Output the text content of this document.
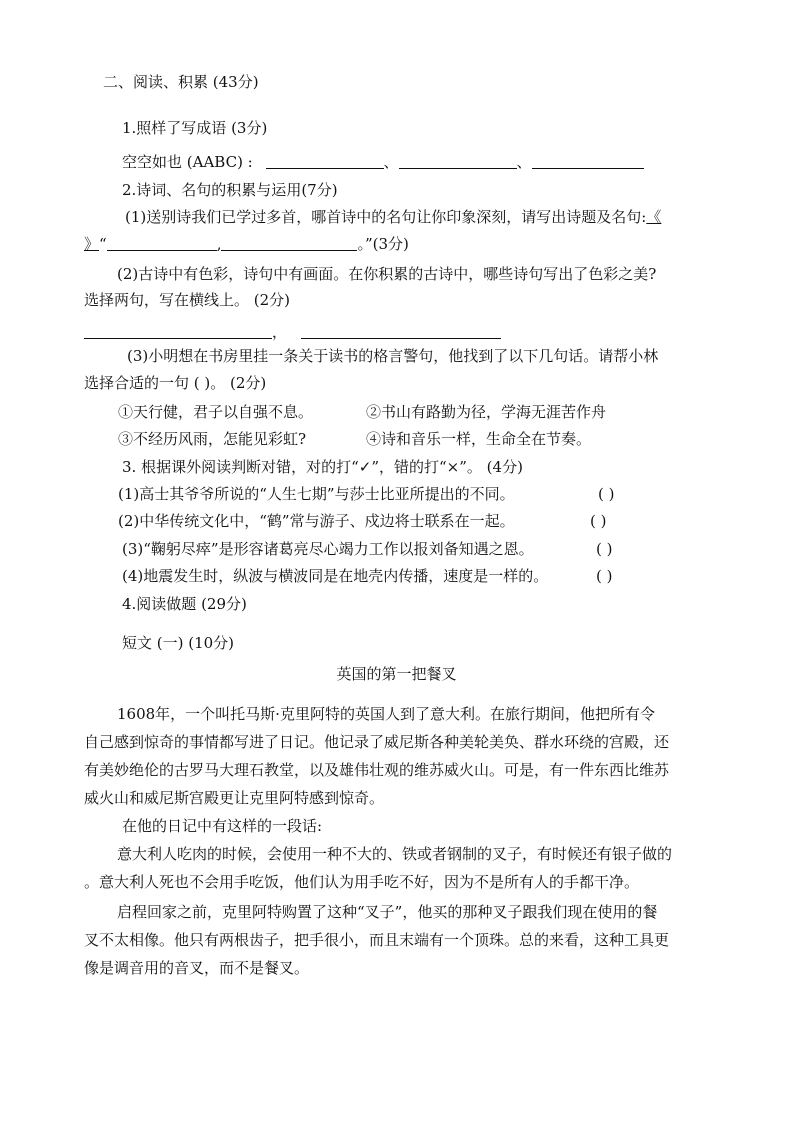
二、阅读、积累 (43分)
1.照样了写成语 (3分)
空空如也 (AABC) :	、	、
2.诗词、名句的积累与运用(7分)
(1)送别诗我们已学过多首，哪首诗中的名句让你印象深刻，请写出诗题及名句:《
》“	,	。”(3分)
(2)古诗中有色彩，诗句中有画面。在你积累的古诗中，哪些诗句写出了色彩之美?
选择两句，写在横线上。 (2分)
，
(3)小明想在书房里挂一条关于读书的格言警句，他找到了以下几句话。请帮小林
选择合适的一句 ( )。 (2分)
①天行健，君子以自强不息。	②书山有路勤为径，学海无涯苦作舟
③不经历风雨，怎能见彩虹?	④诗和音乐一样，生命全在节奏。
3. 根据课外阅读判断对错，对的打“✓”，错的打“×”。 (4分)
(1)高士其爷爷所说的“人生七期”与莎士比亚所提出的不同。	( )
(2)中华传统文化中，“鹤”常与游子、戍边将士联系在一起。	( )
(3)“鞠躬尽瘁”是形容诸葛亮尽心竭力工作以报刘备知遇之恩。	( )
(4)地震发生时，纵波与横波同是在地壳内传播，速度是一样的。	( )
4.阅读做题 (29分)
短文 (一) (10分)
英国的第一把餐叉
1608年，一个叫托马斯·克里阿特的英国人到了意大利。在旅行期间，他把所有令
自己感到惊奇的事情都写进了日记。他记录了威尼斯各种美轮美奂、群水环绕的宫殿，还
有美妙绝伦的古罗马大理石教堂，以及雄伟壮观的维苏威火山。可是，有一件东西比维苏
威火山和威尼斯宫殿更让克里阿特感到惊奇。
在他的日记中有这样的一段话:
意大利人吃肉的时候，会使用一种不大的、铁或者钢制的叉子，有时候还有银子做的
。意大利人死也不会用手吃饭，他们认为用手吃不好，因为不是所有人的手都干净。
启程回家之前，克里阿特购置了这种“叉子”，他买的那种叉子跟我们现在使用的餐
叉不太相像。他只有两根齿子，把手很小，而且末端有一个顶珠。总的来看，这种工具更
像是调音用的音叉，而不是餐叉。
